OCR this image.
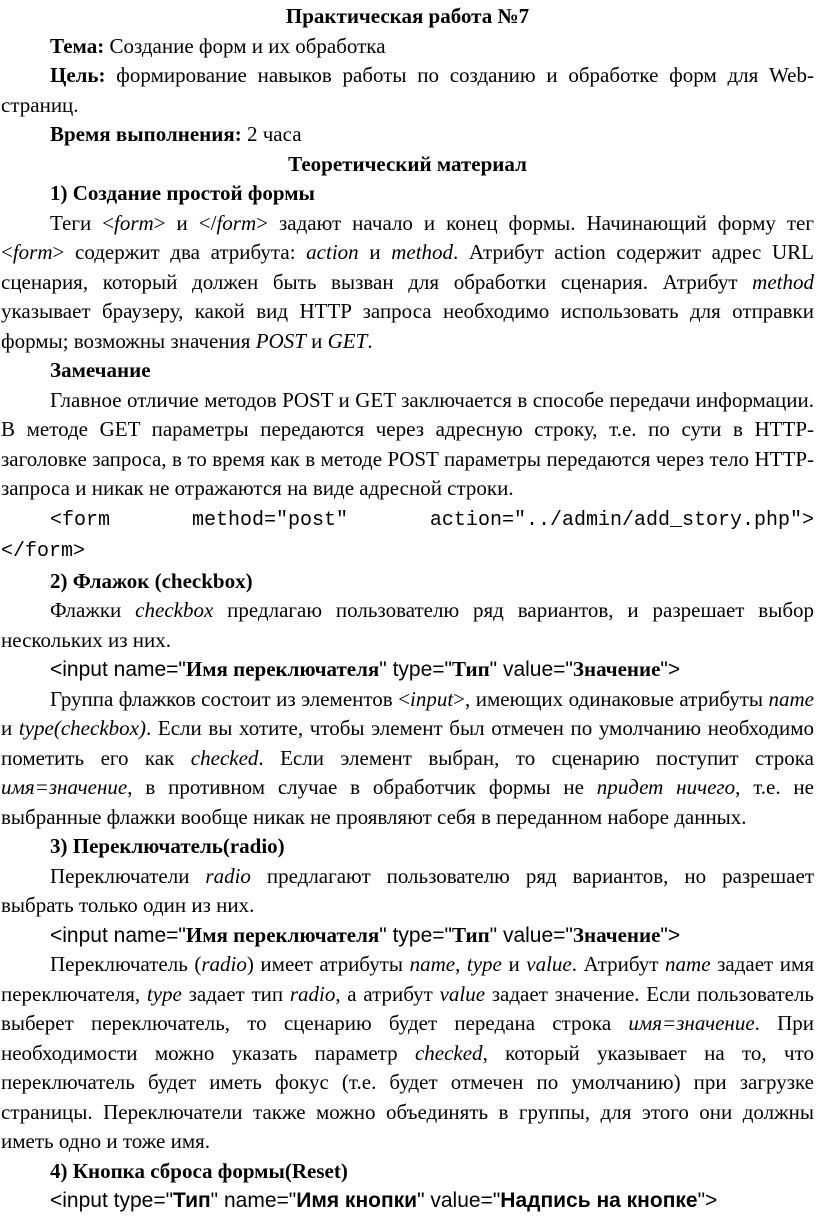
Практическая работа №7

Тема: Создание форм и их обработка

Цель: формирование навыков работы по созданию и обработке форм для Web-страниц.

Время выполнения: 2 часа

Теоретический материал
1) Создание простой формы

Теги <form> и </form> задают начало и конец формы. Начинающий форму тег <form> содержит два атрибута: action и method. Атрибут action содержит адрес URL сценария, который должен быть вызван для обработки сценария. Атрибут method указывает браузеру, какой вид HTTP запроса необходимо использовать для отправки формы; возможны значения POST и GET.

Замечание

Главное отличие методов POST и GET заключается в способе передачи информации. В методе GET параметры передаются через адресную строку, т.е. по сути в HTTP-заголовке запроса, в то время как в методе POST параметры передаются через тело HTTP-запроса и никак не отражаются на виде адресной строки.

<form method="post" action="../admin/add_story.php">

</form>

2) Флажок (checkbox)

Флажки checkbox предлагаю пользователю ряд вариантов, и разрешает выбор нескольких из них.

<input name="Имя переключателя" type="Тип" value="Значение">

Группа флажков состоит из элементов <input>, имеющих одинаковые атрибуты name и type(checkbox). Если вы хотите, чтобы элемент был отмечен по умолчанию необходимо пометить его как checked. Если элемент выбран, то сценарию поступит строка имя=значение, в противном случае в обработчик формы не придет ничего, т.е. не выбранные флажки вообще никак не проявляют себя в переданном наборе данных.

3) Переключатель(radio)

Переключатели radio предлагают пользователю ряд вариантов, но разрешает выбрать только один из них.

<input name="Имя переключателя" type="Тип" value="Значение">

Переключатель (radio) имеет атрибуты name, type и value. Атрибут name задает имя переключателя, type задает тип radio, а атрибут value задает значение. Если пользователь выберет переключатель, то сценарию будет передана строка имя=значение. При необходимости можно указать параметр checked, который указывает на то, что переключатель будет иметь фокус (т.е. будет отмечен по умолчанию) при загрузке страницы. Переключатели также можно объединять в группы, для этого они должны иметь одно и тоже имя.

4) Кнопка сброса формы(Reset)

<input type="Тип" name="Имя кнопки" value="Надпись на кнопке">
